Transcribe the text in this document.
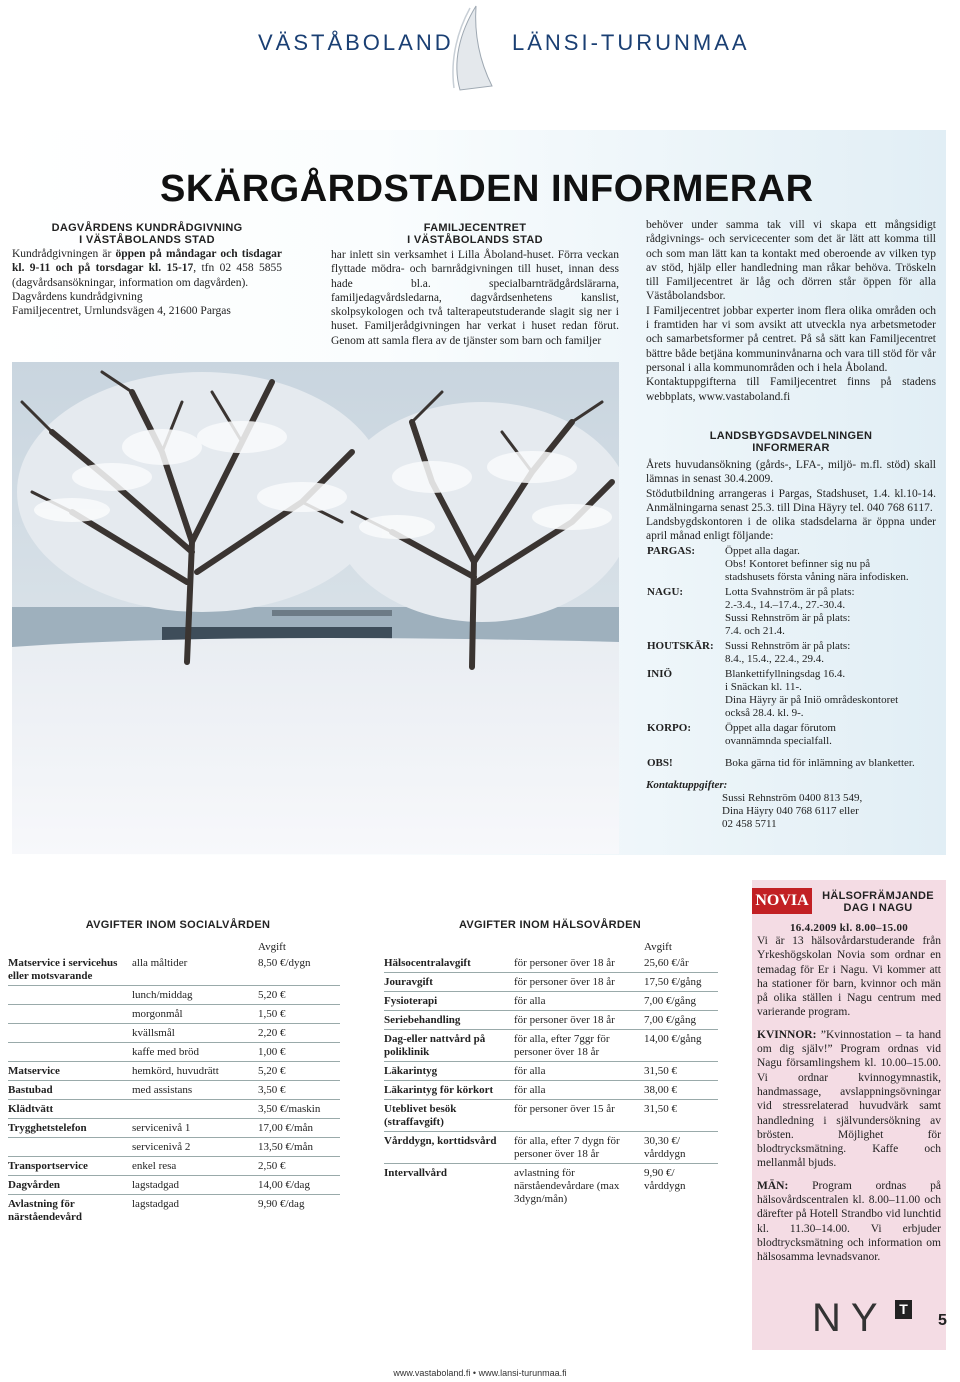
VÄSTÅBOLAND	LÄNSI-TURUNMAA
SKÄRGÅRDSTADEN INFORMERAR
DAGVÅRDENS KUNDRÅDGIVNING
I VÄSTÅBOLANDS STAD
Kundrådgivningen är öppen på måndagar och tisdagar kl. 9-11 och på torsdagar kl. 15-17, tfn 02 458 5855 (dagvårdsansökningar, information om dagvården).
Dagvårdens kundrådgivning
Familjecentret, Urnlundsvägen 4, 21600 Pargas
FAMILJECENTRET
I VÄSTÅBOLANDS STAD
har inlett sin verksamhet i Lilla Åboland-huset. Förra veckan flyttade mödra- och barnrådgivningen till huset, innan dess hade bl.a. specialbarnträdgårdslärarna, familjedagvårdsledarna, dagvårdsenhetens kanslist, skolpsykologen och två talterapeutstuderande slagit sig ner i huset. Familjerådgivningen har verkat i huset redan förut. Genom att samla flera av de tjänster som barn och familjer
behöver under samma tak vill vi skapa ett mångsidigt rådgivnings- och servicecenter som det är lätt att komma till och som man lätt kan ta kontakt med oberoende av vilken typ av stöd, hjälp eller handledning man råkar behöva. Tröskeln till Familjecentret är låg och dörren står öppen för alla Väståbolandsbor.
I Familjecentret jobbar experter inom flera olika områden och i framtiden har vi som avsikt att utveckla nya arbetsmetoder och samarbetsformer på centret. På så sätt kan Familjecentret bättre både betjäna kommuninvånarna och vara till stöd för vår personal i alla kommunområden och i hela Åboland.
Kontaktuppgifterna till Familjecentret finns på stadens webbplats, www.vastaboland.fi
LANDSBYGDSAVDELNINGEN
INFORMERAR
Årets huvudansökning (gårds-, LFA-, miljö- m.fl. stöd) skall lämnas in senast 30.4.2009.
Stödutbildning arrangeras i Pargas, Stadshuset, 1.4. kl.10-14. Anmälningarna senast 25.3. till Dina Häyry tel. 040 768 6117.
Landsbygdskontoren i de olika stadsdelarna är öppna under april månad enligt följande:
PARGAS:	Öppet alla dagar.
Obs! Kontoret befinner sig nu på
stadshusets första våning nära infodisken.

NAGU:	Lotta Svahnström är på plats:
2.-3.4., 14.–17.4., 27.-30.4.
Sussi Rehnström är på plats:
7.4. och 21.4.

HOUTSKÄR:	Sussi Rehnström är på plats:
8.4., 15.4., 22.4., 29.4.

INIÖ	Blankettifyllningsdag 16.4.
i Snäckan kl. 11-.
Dina Häyry är på Iniö områdeskontoret
också 28.4. kl. 9-.

KORPO:	Öppet alla dagar förutom
ovannämnda specialfall.

OBS!	Boka gärna tid för inlämning av blanketter.
Kontaktuppgifter:
Sussi Rehnström 0400 813 549,
Dina Häyry 040 768 6117 eller
02 458 5711
AVGIFTER INOM SOCIALVÅRDEN
		Avgift
Matservice i servicehus eller motsvarande	alla måltider	8,50 €/dygn
	lunch/middag	5,20 €
	morgonmål	1,50 €
	kvällsmål	2,20 €
	kaffe med bröd	1,00 €
Matservice	hemkörd, huvudrätt	5,20 €
Bastubad	med assistans	3,50 €
Klädtvätt		3,50 €/maskin
Trygghetstelefon	servicenivå 1	17,00 €/mån
	servicenivå 2	13,50 €/mån
Transportservice	enkel resa	2,50 €
Dagvården	lagstadgad	14,00 €/dag
Avlastning för närståendevård	lagstadgad	9,90 €/dag
AVGIFTER INOM HÄLSOVÅRDEN
		Avgift
Hälsocentralavgift	för personer över 18 år	25,60 €/år
Jouravgift	för personer över 18 år	17,50 €/gång
Fysioterapi	för alla	7,00 €/gång
Seriebehandling	för personer över 18 år	7,00 €/gång
Dag-eller nattvård på poliklinik	för alla, efter 7ggr för personer över 18 år	14,00 €/gång
Läkarintyg	för alla	31,50 €
Läkarintyg för körkort	för alla	38,00 €
Uteblivet besök (straffavgift)	för personer över 15 år	31,50 €
Vårddygn, korttidsvård	för alla, efter 7 dygn för personer över 18 år	30,30 €/ vårddygn
Intervallvård	avlastning för närståendevårdare (max 3dygn/mån)	9,90 €/ vårddygn
NOVIA	HÄLSOFRÄMJANDE
DAG I NAGU
16.4.2009 kl. 8.00–15.00
Vi är 13 hälsovårdarstuderande från Yrkeshögskolan Novia som ordnar en temadag för Er i Nagu. Vi kommer att ha stationer för barn, kvinnor och män på olika ställen i Nagu centrum med varierande program.
KVINNOR: ”Kvinnostation – ta hand om dig själv!” Program ordnas vid Nagu församlingshem kl. 10.00–15.00. Vi ordnar kvinnogymnastik, handmassage, avslappningsövningar vid stressrelaterad huvudvärk samt handledning i självundersökning av brösten. Möjlighet för blodtrycksmätning. Kaffe och mellanmål bjuds.
MÄN: Program ordnas på hälsovårdscentralen kl. 8.00–11.00 och därefter på Hotell Strandbo vid lunchtid kl. 11.30–14.00. Vi erbjuder blodtrycksmätning och information om hälsosamma levnadsvanor.
NY T
5
www.vastaboland.fi • www.lansi-turunmaa.fi
